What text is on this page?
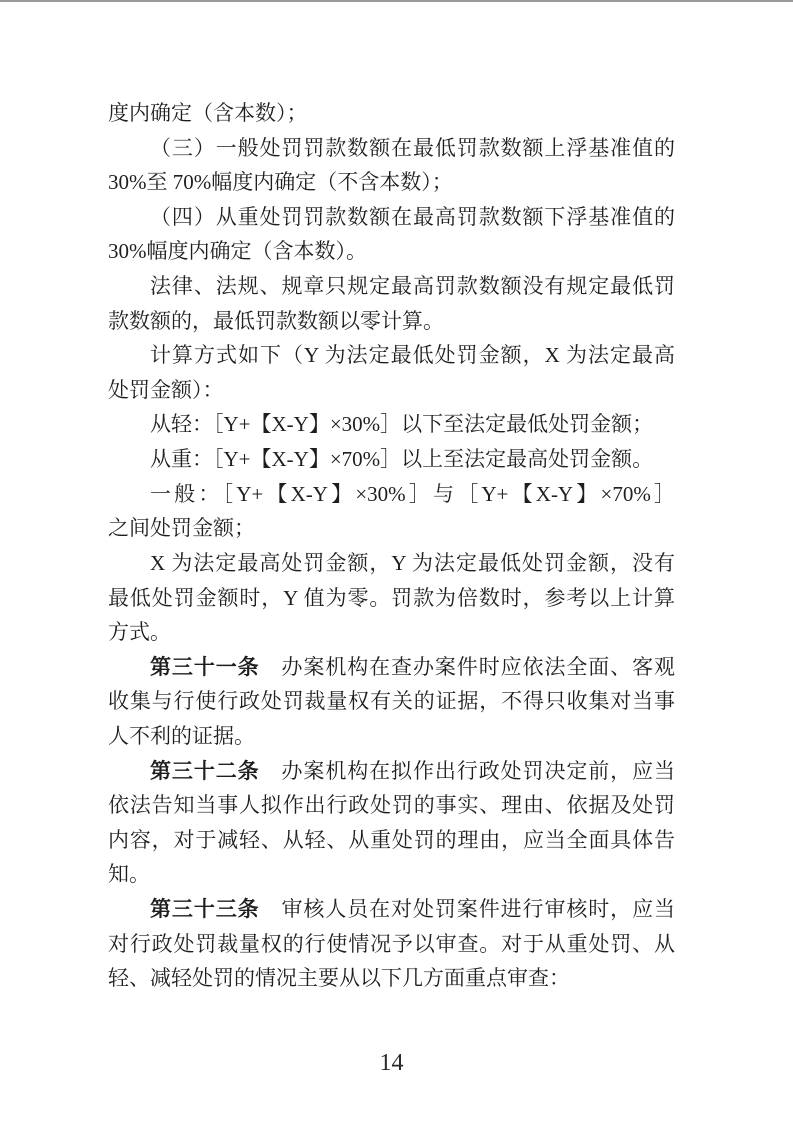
度内确定（含本数）；

（三）一般处罚罚款数额在最低罚款数额上浮基准值的
30%至 70%幅度内确定（不含本数）；

（四）从重处罚罚款数额在最高罚款数额下浮基准值的
30%幅度内确定（含本数）。

法律、法规、规章只规定最高罚款数额没有规定最低罚
款数额的，最低罚款数额以零计算。

计算方式如下（Y 为法定最低处罚金额，X 为法定最高
处罚金额）：

从轻：［Y+【X-Y】×30%］以下至法定最低处罚金额；

从重：［Y+【X-Y】×70%］以上至法定最高处罚金额。

一般：［Y+【X-Y】×30%］与［Y+【X-Y】×70%］
之间处罚金额；

X 为法定最高处罚金额，Y 为法定最低处罚金额，没有
最低处罚金额时，Y 值为零。罚款为倍数时，参考以上计算
方式。

第三十一条　办案机构在查办案件时应依法全面、客观
收集与行使行政处罚裁量权有关的证据，不得只收集对当事
人不利的证据。

第三十二条　办案机构在拟作出行政处罚决定前，应当
依法告知当事人拟作出行政处罚的事实、理由、依据及处罚
内容，对于减轻、从轻、从重处罚的理由，应当全面具体告
知。

第三十三条　审核人员在对处罚案件进行审核时，应当
对行政处罚裁量权的行使情况予以审查。对于从重处罚、从
轻、减轻处罚的情况主要从以下几方面重点审查：

14
